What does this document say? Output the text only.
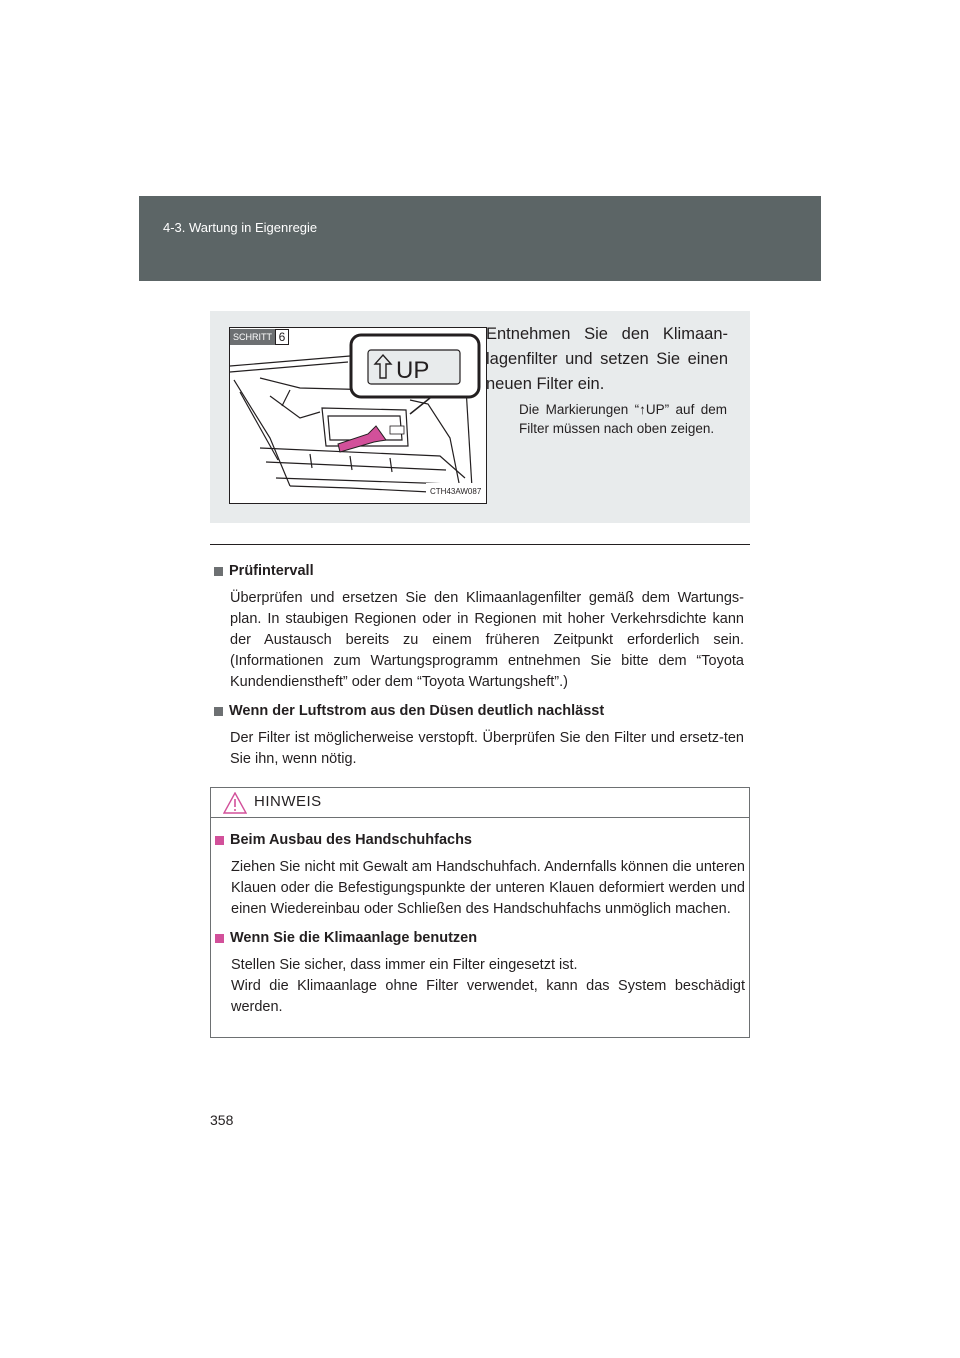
4-3. Wartung in Eigenregie
UP
CTH43AW087
SCHRITT 6	Entnehmen Sie den Klimaan-lagenfilter und setzen Sie einen neuen Filter ein.
Die Markierungen “↑UP” auf dem Filter müssen nach oben zeigen.
Prüfintervall
Überprüfen und ersetzen Sie den Klimaanlagenfilter gemäß dem Wartungs-plan. In staubigen Regionen oder in Regionen mit hoher Verkehrsdichte kann der Austausch bereits zu einem früheren Zeitpunkt erforderlich sein. (Informationen zum Wartungsprogramm entnehmen Sie bitte dem “Toyota Kundendienstheft” oder dem “Toyota Wartungsheft”.)
Wenn der Luftstrom aus den Düsen deutlich nachlässt
Der Filter ist möglicherweise verstopft. Überprüfen Sie den Filter und ersetz-ten Sie ihn, wenn nötig.
HINWEIS
Beim Ausbau des Handschuhfachs
Ziehen Sie nicht mit Gewalt am Handschuhfach. Andernfalls können die unteren Klauen oder die Befestigungspunkte der unteren Klauen deformiert werden und einen Wiedereinbau oder Schließen des Handschuhfachs unmöglich machen.
Wenn Sie die Klimaanlage benutzen
Stellen Sie sicher, dass immer ein Filter eingesetzt ist.
Wird die Klimaanlage ohne Filter verwendet, kann das System beschädigt werden.
358
